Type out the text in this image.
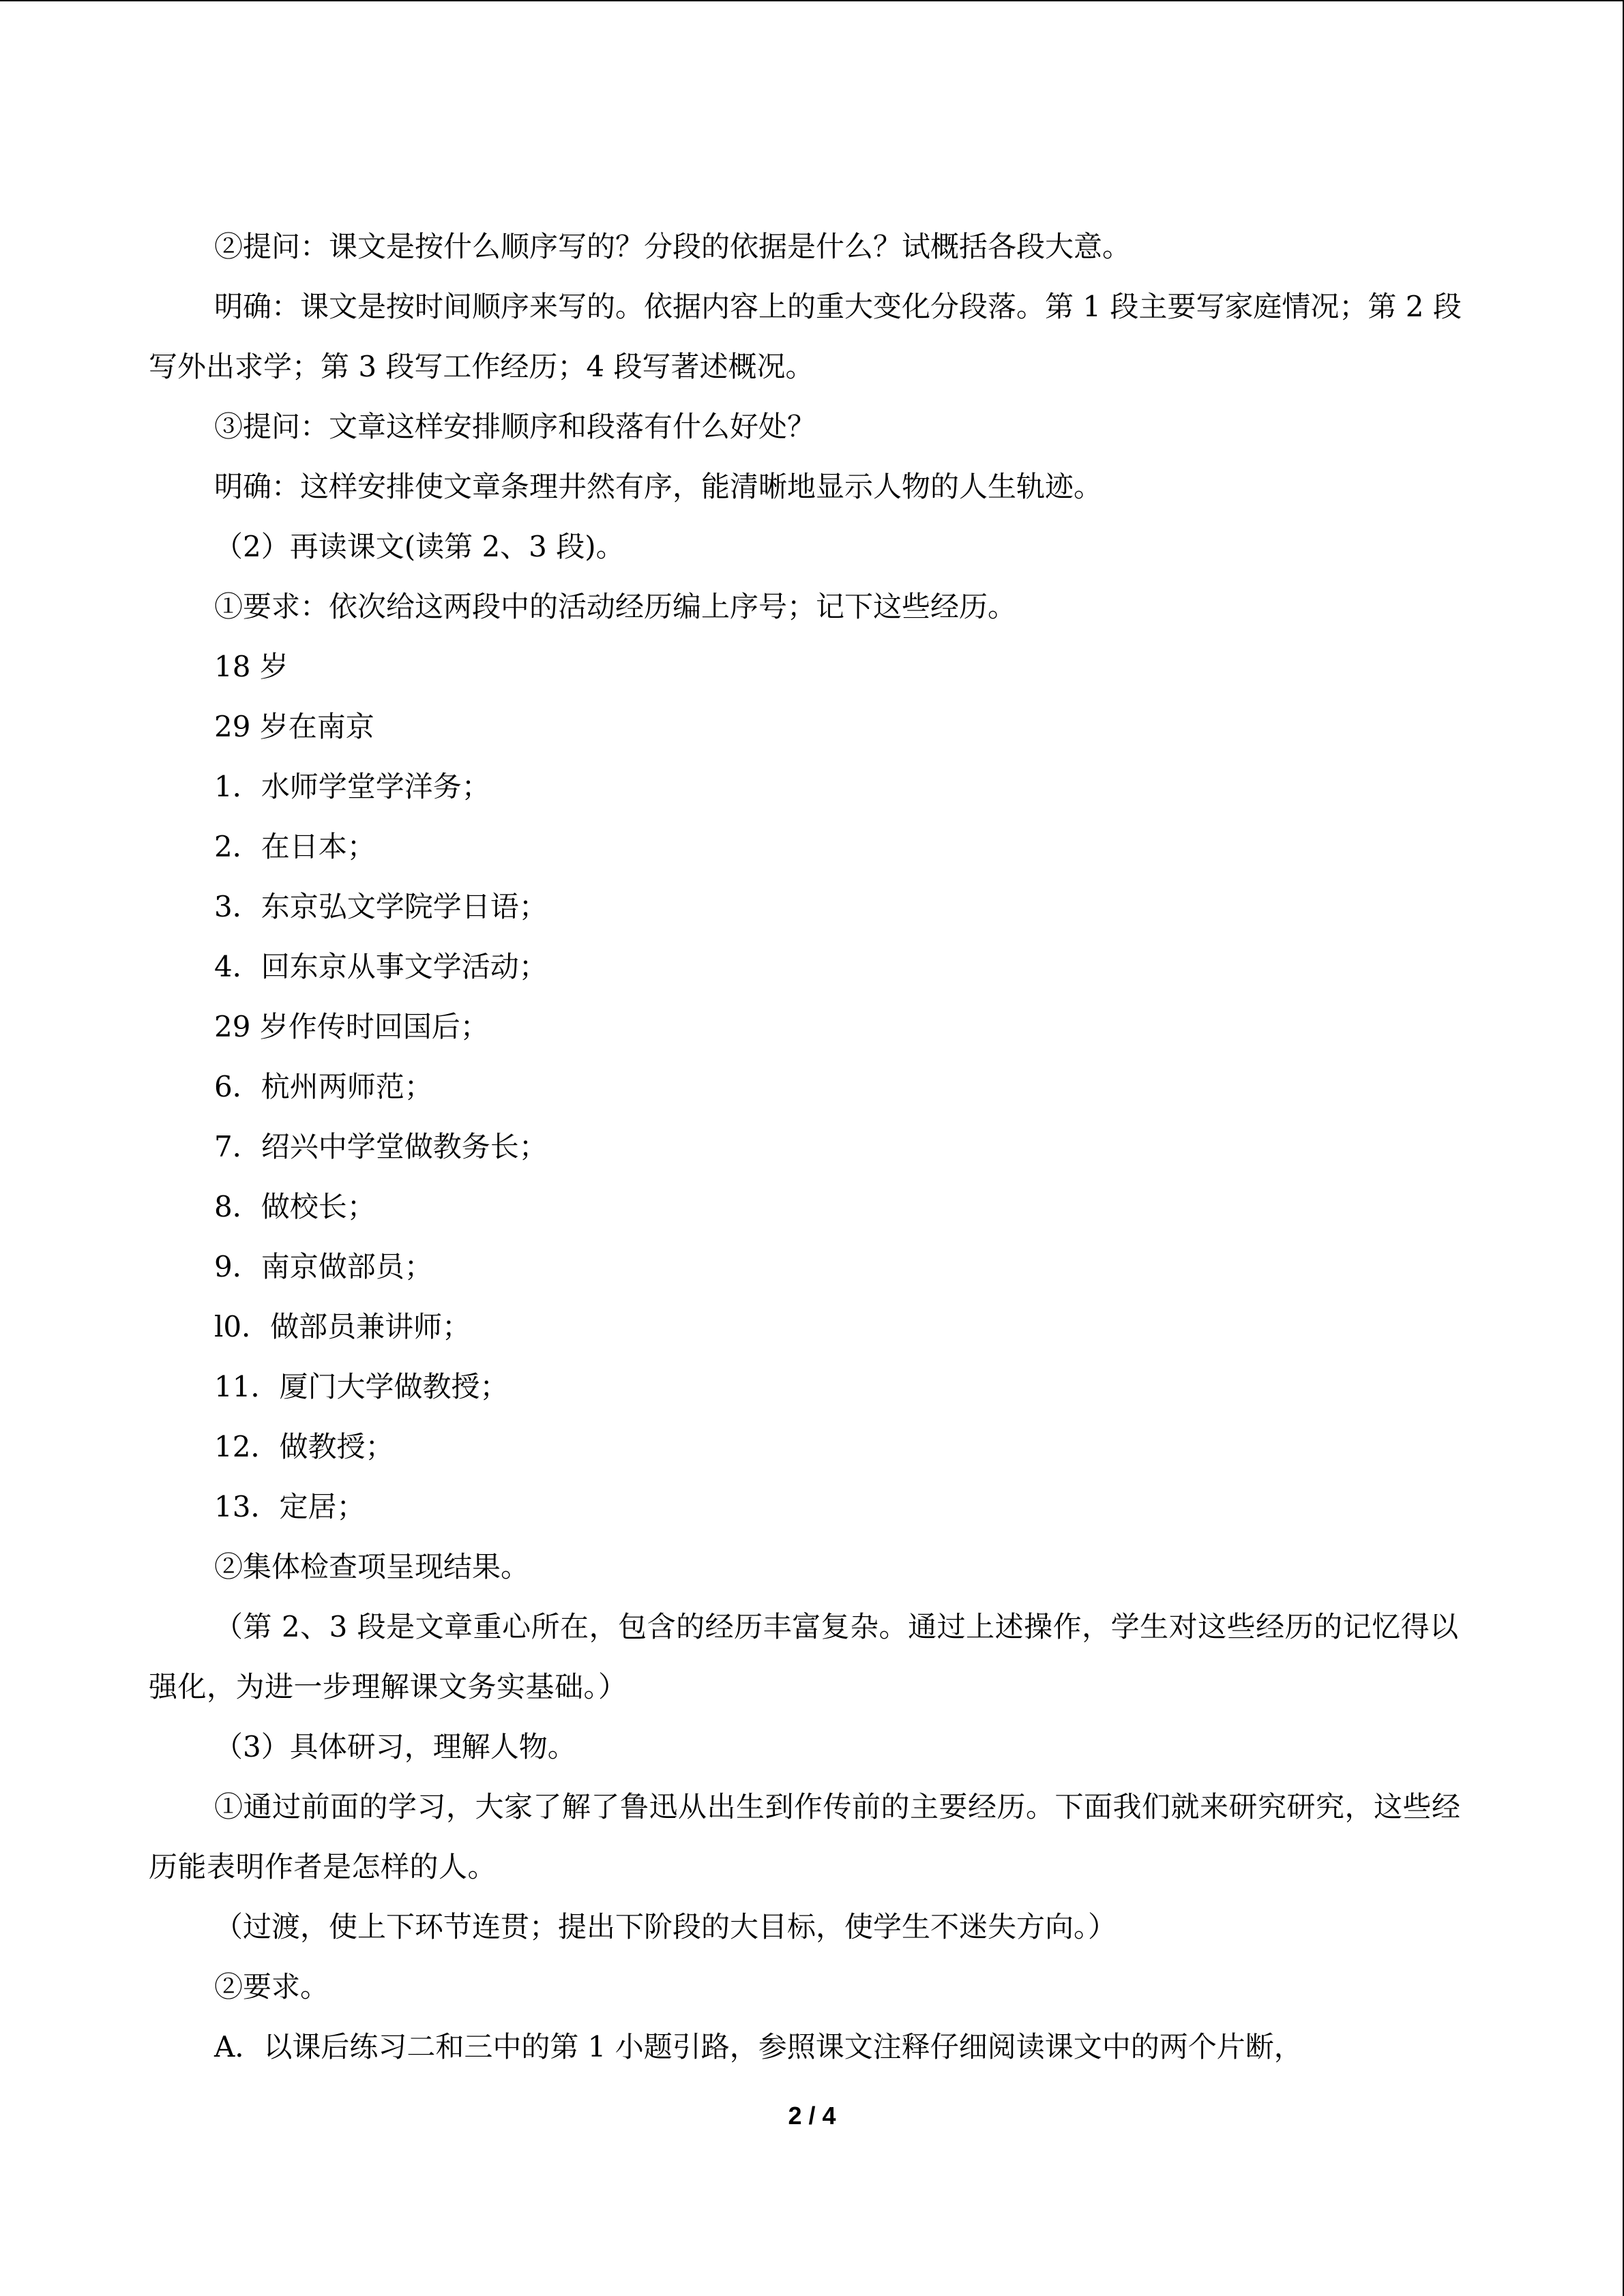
②提问：课文是按什么顺序写的？分段的依据是什么？试概括各段大意。

明确：课文是按时间顺序来写的。依据内容上的重大变化分段落。第 1 段主要写家庭情况；第 2 段写外出求学；第 3 段写工作经历；4 段写著述概况。

③提问：文章这样安排顺序和段落有什么好处？

明确：这样安排使文章条理井然有序，能清晰地显示人物的人生轨迹。

（2）再读课文(读第 2、3 段)。

①要求：依次给这两段中的活动经历编上序号；记下这些经历。

18 岁

29 岁在南京

1．水师学堂学洋务；

2．在日本；

3．东京弘文学院学日语；

4．回东京从事文学活动；

29 岁作传时回国后；

6．杭州两师范；

7．绍兴中学堂做教务长；

8．做校长；

9．南京做部员；

l0．做部员兼讲师；

11．厦门大学做教授；

12．做教授；

13．定居；

②集体检查项呈现结果。

（第 2、3 段是文章重心所在，包含的经历丰富复杂。通过上述操作，学生对这些经历的记忆得以强化，为进一步理解课文务实基础。）

（3）具体研习，理解人物。

①通过前面的学习，大家了解了鲁迅从出生到作传前的主要经历。下面我们就来研究研究，这些经历能表明作者是怎样的人。

（过渡，使上下环节连贯；提出下阶段的大目标，使学生不迷失方向。）

②要求。

A．以课后练习二和三中的第 1 小题引路，参照课文注释仔细阅读课文中的两个片断，

2 / 4
